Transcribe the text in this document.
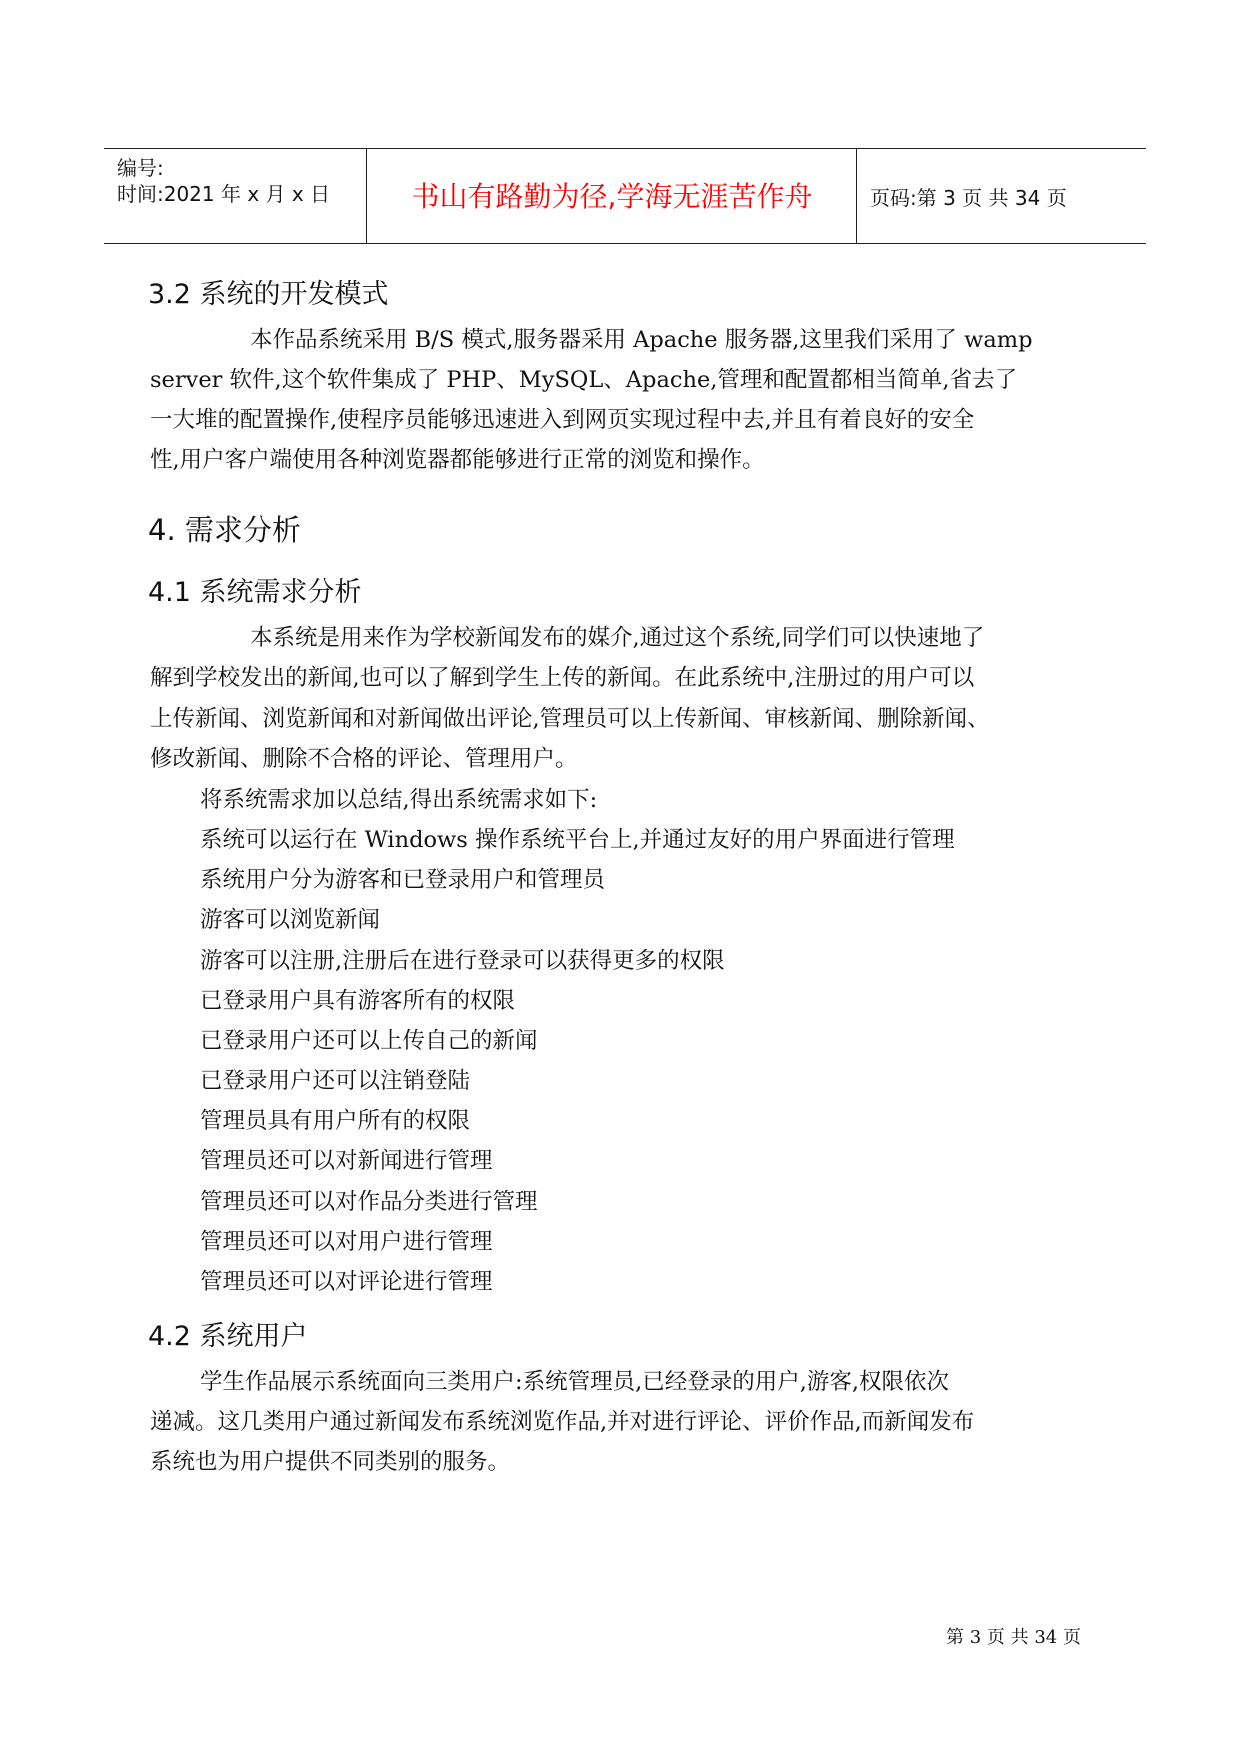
编号:
时间:2021 年 x 月 x 日	书山有路勤为径,学海无涯苦作舟	页码:第 3 页 共 34 页
3.2 系统的开发模式
本作品系统采用 B/S 模式,服务器采用 Apache 服务器,这里我们采用了 wamp
server 软件,这个软件集成了 PHP、MySQL、Apache,管理和配置都相当简单,省去了
一大堆的配置操作,使程序员能够迅速进入到网页实现过程中去,并且有着良好的安全
性,用户客户端使用各种浏览器都能够进行正常的浏览和操作。
4. 需求分析
4.1 系统需求分析
本系统是用来作为学校新闻发布的媒介,通过这个系统,同学们可以快速地了
解到学校发出的新闻,也可以了解到学生上传的新闻。在此系统中,注册过的用户可以
上传新闻、浏览新闻和对新闻做出评论,管理员可以上传新闻、审核新闻、删除新闻、
修改新闻、删除不合格的评论、管理用户。
将系统需求加以总结,得出系统需求如下:
系统可以运行在 Windows 操作系统平台上,并通过友好的用户界面进行管理
系统用户分为游客和已登录用户和管理员
游客可以浏览新闻
游客可以注册,注册后在进行登录可以获得更多的权限
已登录用户具有游客所有的权限
已登录用户还可以上传自己的新闻
已登录用户还可以注销登陆
管理员具有用户所有的权限
管理员还可以对新闻进行管理
管理员还可以对作品分类进行管理
管理员还可以对用户进行管理
管理员还可以对评论进行管理
4.2 系统用户
学生作品展示系统面向三类用户:系统管理员,已经登录的用户,游客,权限依次
递减。这几类用户通过新闻发布系统浏览作品,并对进行评论、评价作品,而新闻发布
系统也为用户提供不同类别的服务。
第 3 页 共 34 页
